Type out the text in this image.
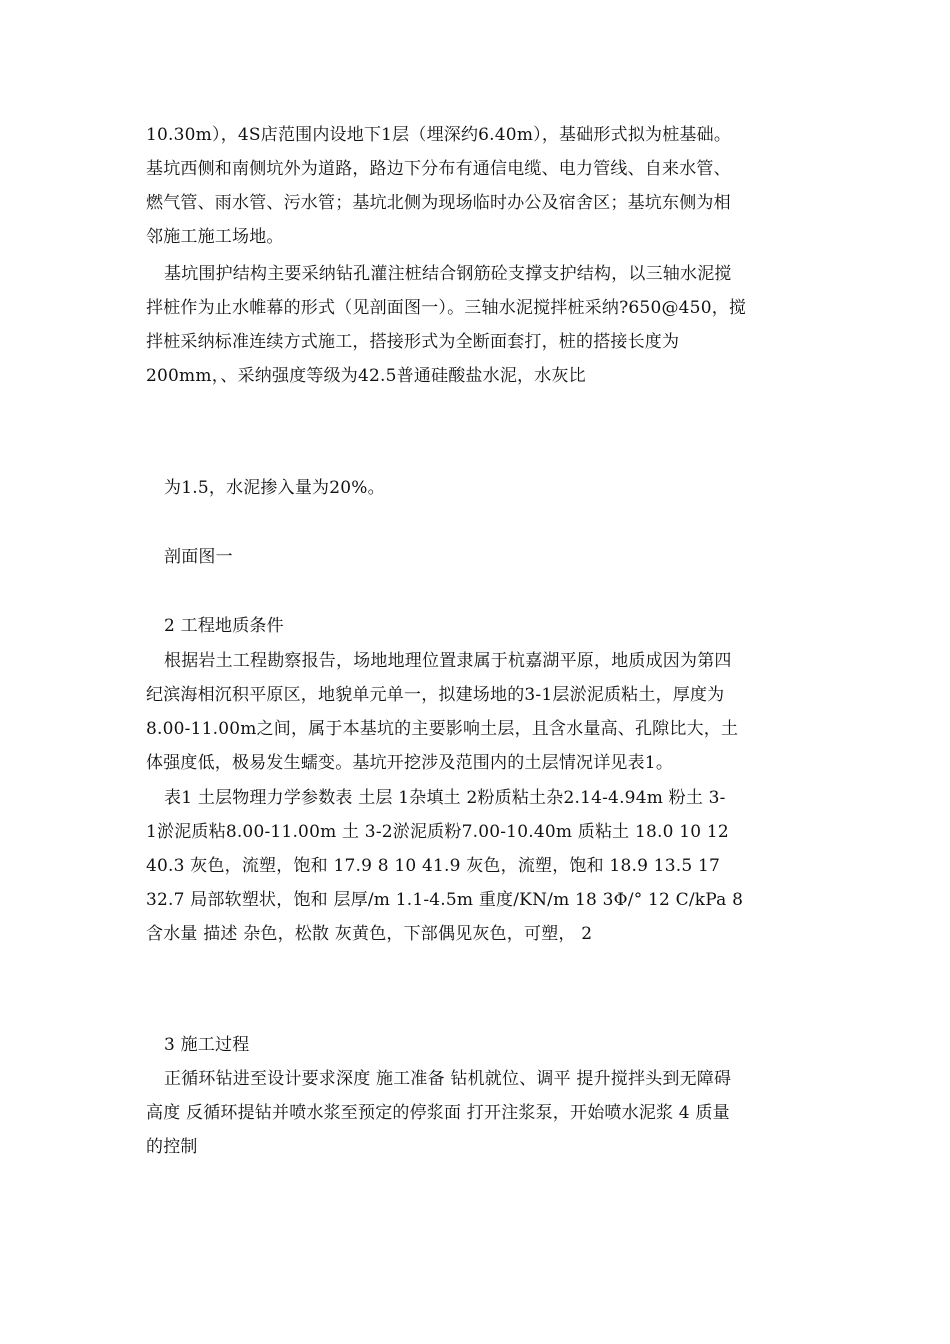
10.30m），4S店范围内设地下1层（埋深约6.40m），基础形式拟为桩基础。
基坑西侧和南侧坑外为道路，路边下分布有通信电缆、电力管线、自来水管、
燃气管、雨水管、污水管；基坑北侧为现场临时办公及宿舍区；基坑东侧为相
邻施工施工场地。
基坑围护结构主要采纳钻孔灌注桩结合钢筋砼支撑支护结构，以三轴水泥搅
拌桩作为止水帷幕的形式（见剖面图一）。三轴水泥搅拌桩采纳?650@450，搅
拌桩采纳标准连续方式施工，搭接形式为全断面套打，桩的搭接长度为
200mm，、采纳强度等级为42.5普通硅酸盐水泥，水灰比
为1.5，水泥掺入量为20%。
剖面图一
2 工程地质条件
根据岩土工程勘察报告，场地地理位置隶属于杭嘉湖平原，地质成因为第四
纪滨海相沉积平原区，地貌单元单一，拟建场地的3-1层淤泥质粘土，厚度为
8.00-11.00m之间，属于本基坑的主要影响土层，且含水量高、孔隙比大，土
体强度低，极易发生蠕变。基坑开挖涉及范围内的土层情况详见表1。
表1 土层物理力学参数表 土层 1杂填土 2粉质粘土杂2.14-4.94m 粉土 3-
1淤泥质粘8.00-11.00m 土 3-2淤泥质粉7.00-10.40m 质粘土 18.0 10 12
40.3 灰色，流塑，饱和 17.9 8 10 41.9 灰色，流塑，饱和 18.9 13.5 17
32.7 局部软塑状，饱和 层厚/m 1.1-4.5m 重度/KN/m 18 3Φ/° 12 C/kPa 8
含水量 描述 杂色，松散 灰黄色，下部偶见灰色，可塑， 2
3 施工过程
正循环钻进至设计要求深度 施工准备 钻机就位、调平 提升搅拌头到无障碍
高度 反循环提钻并喷水浆至预定的停浆面 打开注浆泵，开始喷水泥浆 4 质量
的控制
